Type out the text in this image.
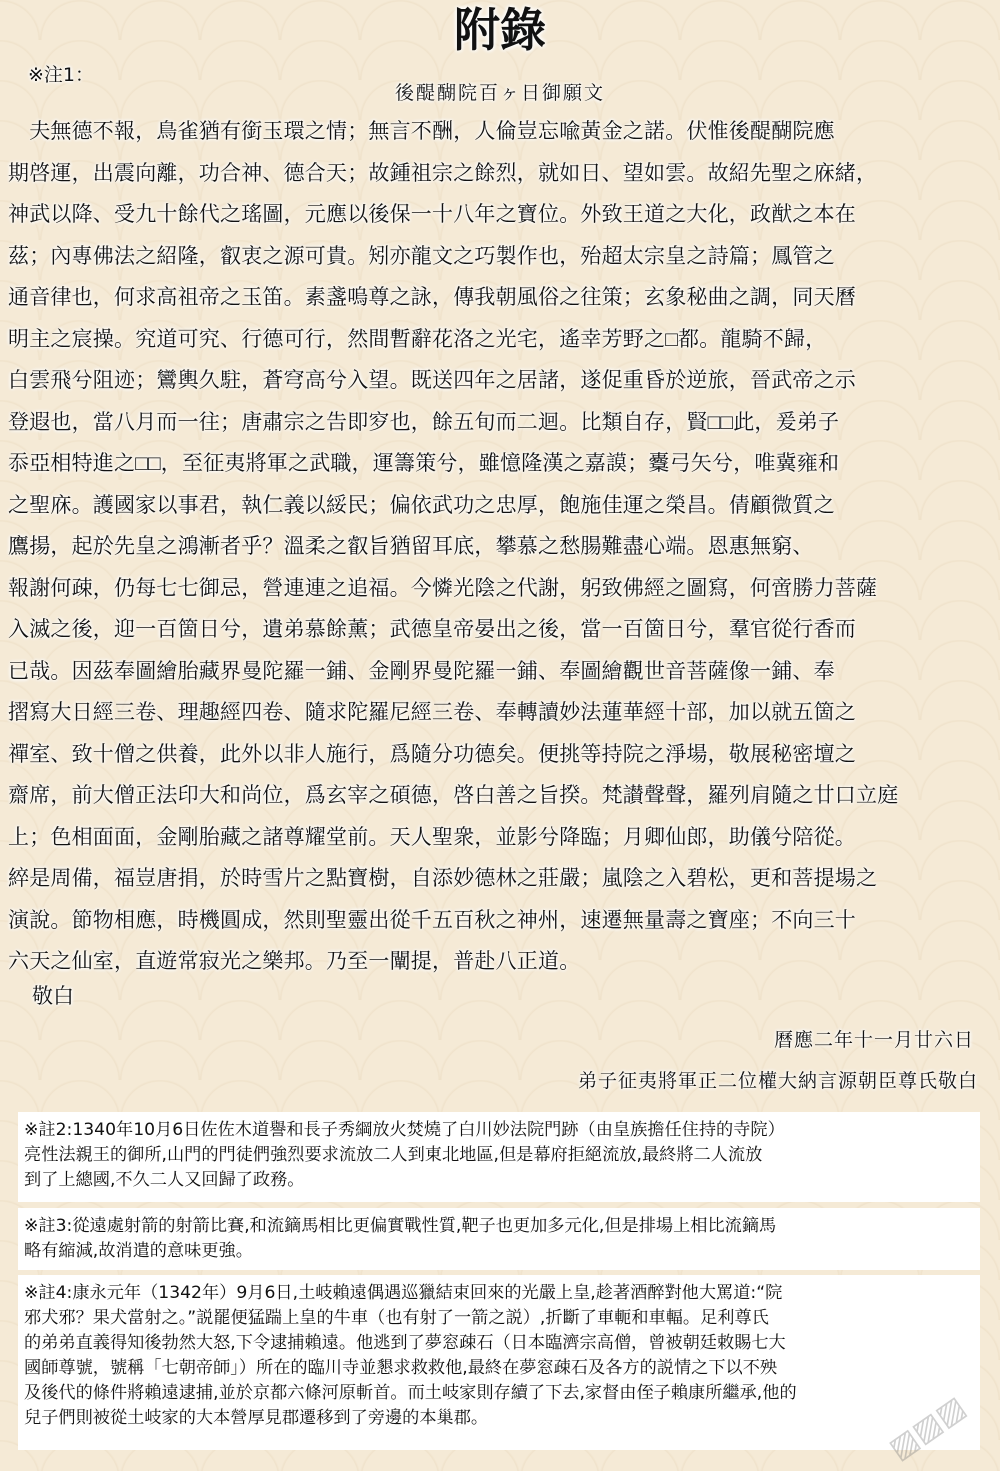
附錄
※注1：
後醍醐院百ヶ日御願文
　夫無德不報，鳥雀猶有銜玉環之情；無言不酬，人倫豈忘喩黃金之諾。伏惟後醍醐院應
期啓運，出震向離，功合神、德合天；故鍾祖宗之餘烈，就如日、望如雲。故紹先聖之庥緒，
神武以降、受九十餘代之瑤圖，元應以後保一十八年之寶位。外致王道之大化，政猷之本在
茲；內專佛法之紹隆，叡衷之源可貴。矧亦龍文之巧製作也，殆超太宗皇之詩篇；鳳管之
通音律也，何求高祖帝之玉笛。素盞嗚尊之詠，傳我朝風俗之往策；玄象秘曲之調，同天曆
明主之宸操。究道可究、行德可行，然間暫辭花洛之光宅，遙幸芳野之□都。龍騎不歸，
白雲飛兮阻迹；鸞輿久駐，蒼穹高兮入望。既送四年之居諸，遂促重昏於逆旅，晉武帝之示
登遐也，當八月而一往；唐肅宗之告即穸也，餘五旬而二迴。比類自存，賢□□此，爰弟子
忝亞相特進之□□，至征夷將軍之武職，運籌策兮，雖憶隆漢之嘉謨；櫜弓矢兮，唯冀雍和
之聖庥。護國家以事君，執仁義以綏民；偏依武功之忠厚，飽施佳運之榮昌。倩顧微質之
鷹揚，起於先皇之鴻漸者乎？溫柔之叡旨猶留耳底，攀慕之愁腸難盡心端。恩惠無窮、
報謝何疎，仍每七七御忌，營連連之追福。今憐光陰之代謝，躬致佛經之圖寫，何啻勝力菩薩
入滅之後，迎一百箇日兮，遺弟慕餘薰；武德皇帝晏出之後，當一百箇日兮，羣官從行香而
已哉。因茲奉圖繪胎藏界曼陀羅一鋪、金剛界曼陀羅一鋪、奉圖繪觀世音菩薩像一鋪、奉
摺寫大日經三卷、理趣經四卷、隨求陀羅尼經三卷、奉轉讀妙法蓮華經十部，加以就五箇之
禪室、致十僧之供養，此外以非人施行，爲隨分功德矣。便挑等持院之淨場，敬展秘密壇之
齋席，前大僧正法印大和尚位，爲玄宰之碩德，啓白善之旨揆。梵讃聲聲，羅列肩隨之廿口立庭
上；色相面面，金剛胎藏之諸尊耀堂前。天人聖衆，並影兮降臨；月卿仙郎，助儀兮陪從。
綷是周備，福豈唐捐，於時雪片之點寶樹，自添妙德林之莊嚴；嵐陰之入碧松，更和菩提場之
演說。節物相應，時機圓成，然則聖靈出從千五百秋之神州，速遷無量壽之寶座；不向三十
六天之仙室，直遊常寂光之樂邦。乃至一闡提，普赴八正道。
敬白
曆應二年十一月廿六日
弟子征夷將軍正二位權大納言源朝臣尊氏敬白
※註2:1340年10月6日佐佐木道譽和長子秀綱放火焚燒了白川妙法院門跡（由皇族擔任住持的寺院）
亮性法親王的御所,山門的門徒們強烈要求流放二人到東北地區,但是幕府拒絕流放,最終將二人流放
到了上總國,不久二人又回歸了政務。
※註3:從遠處射箭的射箭比賽,和流鏑馬相比更偏實戰性質,靶子也更加多元化,但是排場上相比流鏑馬
略有縮減,故消遣的意味更強。
※註4:康永元年（1342年）9月6日,土岐賴遠偶遇巡獵結束回來的光嚴上皇,趁著酒醉對他大罵道:“院
邪犬邪？果犬當射之。”説罷便猛踹上皇的牛車（也有射了一箭之説）,折斷了車軛和車輻。足利尊氏
的弟弟直義得知後勃然大怒,下令逮捕賴遠。他逃到了夢窓疎石（日本臨濟宗高僧，曾被朝廷敕賜七大
國師尊號，號稱「七朝帝師」）所在的臨川寺並懇求救救他,最終在夢窓疎石及各方的説情之下以不殃
及後代的條件將賴遠逮捕,並於京都六條河原斬首。而土岐家則存續了下去,家督由侄子賴康所繼承,他的
兒子們則被從土岐家的大本營厚見郡遷移到了旁邊的本巢郡。	▨▨▨
